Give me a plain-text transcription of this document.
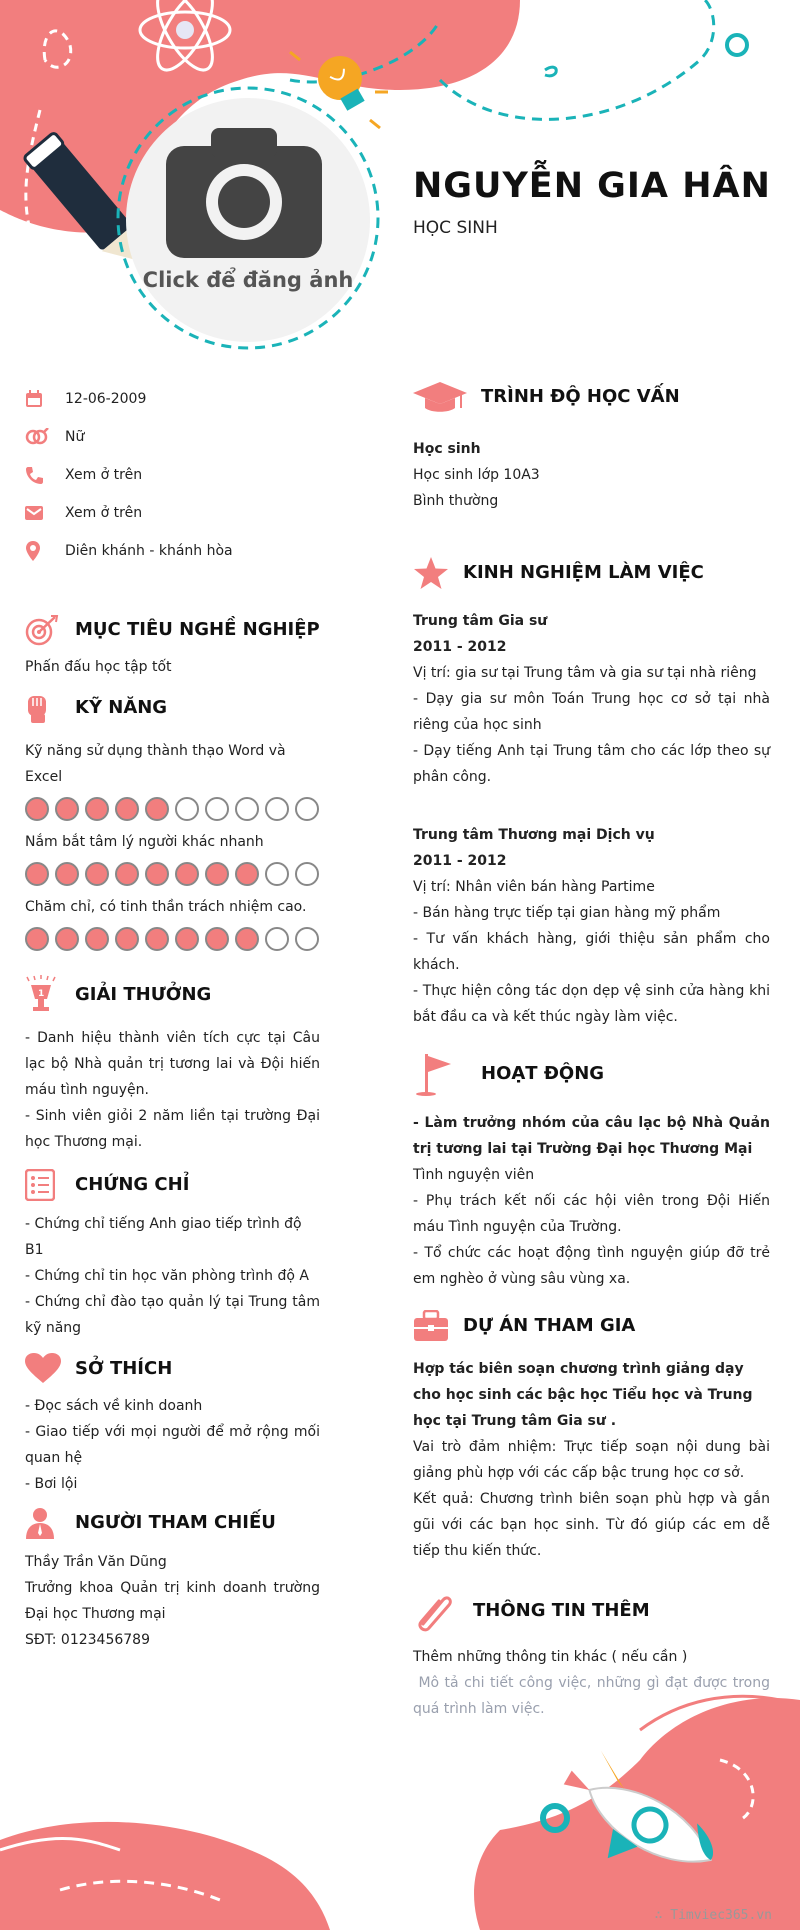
Click để đăng ảnh
NGUYỄN GIA HÂN
HỌC SINH
12-06-2009
Nữ
Xem ở trên
Xem ở trên
Diên khánh - khánh hòa
MỤC TIÊU NGHỀ NGHIỆP
Phấn đấu học tập tốt
KỸ NĂNG
Kỹ năng sử dụng thành thạo Word và Excel
Nắm bắt tâm lý người khác nhanh
Chăm chỉ, có tinh thần trách nhiệm cao.
1 GIẢI THƯỞNG
- Danh hiệu thành viên tích cực tại Câu lạc bộ Nhà quản trị tương lai và Đội hiến máu tình nguyện.
- Sinh viên giỏi 2 năm liền tại trường Đại học Thương mại.
CHỨNG CHỈ
- Chứng chỉ tiếng Anh giao tiếp trình độ B1
- Chứng chỉ tin học văn phòng trình độ A
- Chứng chỉ đào tạo quản lý tại Trung tâm kỹ năng
SỞ THÍCH
- Đọc sách về kinh doanh
- Giao tiếp với mọi người để mở rộng mối quan hệ
- Bơi lội
NGƯỜI THAM CHIẾU
Thầy Trần Văn Dũng
Trưởng khoa Quản trị kinh doanh trường Đại học Thương mại
SĐT: 0123456789
TRÌNH ĐỘ HỌC VẤN
Học sinh
Học sinh lớp 10A3
Bình thường
KINH NGHIỆM LÀM VIỆC
Trung tâm Gia sư
2011 - 2012
Vị trí: gia sư tại Trung tâm và gia sư tại nhà riêng
- Dạy gia sư môn Toán Trung học cơ sở tại nhà riêng của học sinh
- Dạy tiếng Anh tại Trung tâm cho các lớp theo sự phân công.
Trung tâm Thương mại Dịch vụ
2011 - 2012
Vị trí: Nhân viên bán hàng Partime
- Bán hàng trực tiếp tại gian hàng mỹ phẩm
- Tư vấn khách hàng, giới thiệu sản phẩm cho khách.
- Thực hiện công tác dọn dẹp vệ sinh cửa hàng khi bắt đầu ca và kết thúc ngày làm việc.
HOẠT ĐỘNG
- Làm trưởng nhóm của câu lạc bộ Nhà Quản trị tương lai tại Trường Đại học Thương Mại
Tình nguyện viên
- Phụ trách kết nối các hội viên trong Đội Hiến máu Tình nguyện của Trường.
- Tổ chức các hoạt động tình nguyện giúp đỡ trẻ em nghèo ở vùng sâu vùng xa.
DỰ ÁN THAM GIA
Hợp tác biên soạn chương trình giảng dạy cho học sinh các bậc học Tiểu học và Trung học tại Trung tâm Gia sư .
Vai trò đảm nhiệm: Trực tiếp soạn nội dung bài giảng phù hợp với các cấp bậc trung học cơ sở.
Kết quả: Chương trình biên soạn phù hợp và gắn gũi với các bạn học sinh. Từ đó giúp các em dễ tiếp thu kiến thức.
THÔNG TIN THÊM
Thêm những thông tin khác ( nếu cần )
Mô tả chi tiết công việc, những gì đạt được trong quá trình làm việc.
∴ Timviec365.vn
